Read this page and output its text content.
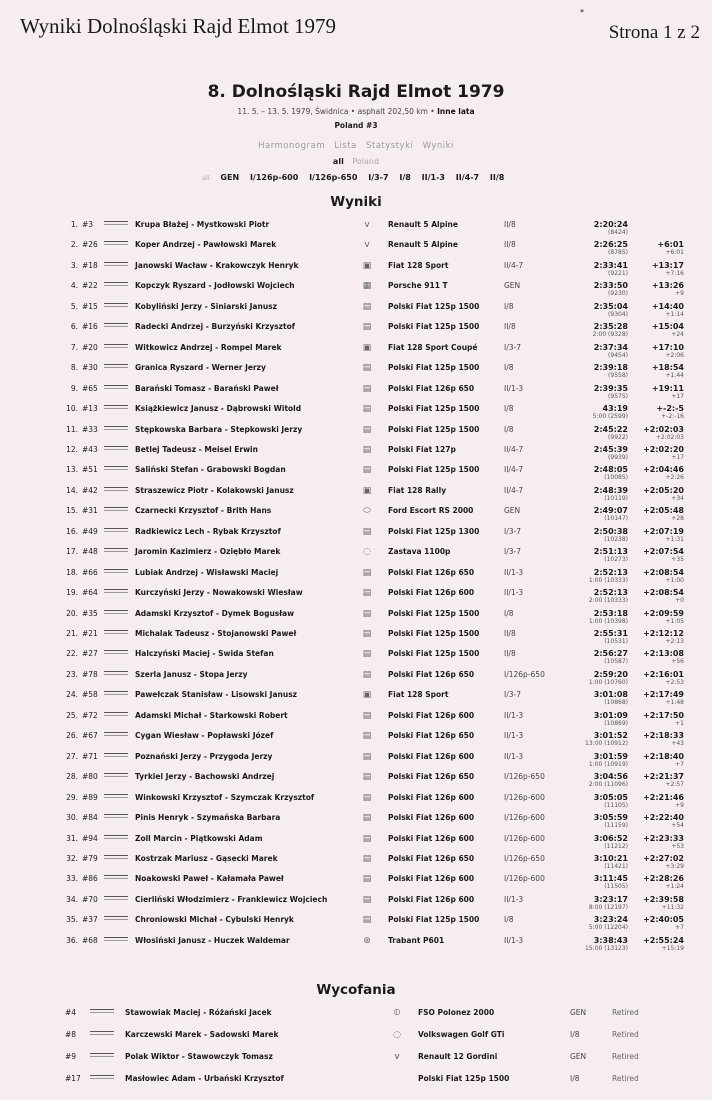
Wyniki Dolnośląski Rajd Elmot 1979
*
Strona 1 z 2
8. Dolnośląski Rajd Elmot 1979
11. 5. – 13. 5. 1979, Świdnica • asphalt 202,50 km • Inne lata
Poland #3
Harmonogram Lista Statystyki Wyniki
all Poland
all GEN I/126p-600 I/126p-650 I/3-7 I/8 II/1-3 II/4-7 II/8
Wyniki
1. #3	Krupa Błażej - Mystkowski Piotr	v	Renault 5 Alpine	II/8	2:20:24
(8424)
2. #26	Koper Andrzej - Pawłowski Marek	v	Renault 5 Alpine	II/8	2:26:25
(8785)
+6:01
+6:01
3. #18	Janowski Wacław - Krakowczyk Henryk	▣	Fiat 128 Sport	II/4-7	2:33:41
(9221)
+13:17
+7:16
4. #22	Kopczyk Ryszard - Jodłowski Wojciech	▦	Porsche 911 T	GEN	2:33:50
(9230)
+13:26
+9
5. #15	Kobyliński Jerzy - Siniarski Janusz	▤	Polski Fiat 125p 1500	I/8	2:35:04
(9304)
+14:40
+1:14
6. #16	Radecki Andrzej - Burzyński Krzysztof	▤	Polski Fiat 125p 1500	II/8	2:35:28
2:00 (9328)
+15:04
+24
7. #20	Witkowicz Andrzej - Rompel Marek	▣	Fiat 128 Sport Coupé	I/3-7	2:37:34
(9454)
+17:10
+2:06
8. #30	Granica Ryszard - Werner Jerzy	▤	Polski Fiat 125p 1500	I/8	2:39:18
(9558)
+18:54
+1:44
9. #65	Barański Tomasz - Barański Paweł	▤	Polski Fiat 126p 650	II/1-3	2:39:35
(9575)
+19:11
+17
10. #13	Książkiewicz Janusz - Dąbrowski Witold	▤	Polski Fiat 125p 1500	I/8	43:19
5:00 (2599)
+-2:-5
+-2:-16
11. #33	Stępkowska Barbara - Stepkowski Jerzy	▤	Polski Fiat 125p 1500	I/8	2:45:22
(9922)
+2:02:03
+2:02:03
12. #43	Betlej Tadeusz - Meisel Erwin	▤	Polski Fiat 127p	II/4-7	2:45:39
(9939)
+2:02:20
+17
13. #51	Saliński Stefan - Grabowski Bogdan	▤	Polski Fiat 125p 1500	II/4-7	2:48:05
(10085)
+2:04:46
+2:26
14. #42	Straszewicz Piotr - Kolakowski Janusz	▣	Fiat 128 Rally	II/4-7	2:48:39
(10119)
+2:05:20
+34
15. #31	Czarnecki Krzysztof - Brith Hans	⬭	Ford Escort RS 2000	GEN	2:49:07
(10147)
+2:05:48
+28
16. #49	Radkiewicz Lech - Rybak Krzysztof	▤	Polski Fiat 125p 1300	I/3-7	2:50:38
(10238)
+2:07:19
+1:31
17. #48	Jaromin Kazimierz - Oziębło Marek	◌	Zastava 1100p	I/3-7	2:51:13
(10273)
+2:07:54
+35
18. #66	Lubiak Andrzej - Wisławski Maciej	▤	Polski Fiat 126p 650	II/1-3	2:52:13
1:00 (10333)
+2:08:54
+1:00
19. #64	Kurczyński Jerzy - Nowakowski Wiesław	▤	Polski Fiat 126p 600	II/1-3	2:52:13
2:00 (10333)
+2:08:54
+0
20. #35	Adamski Krzysztof - Dymek Bogusław	▤	Polski Fiat 125p 1500	I/8	2:53:18
1:00 (10398)
+2:09:59
+1:05
21. #21	Michalak Tadeusz - Stojanowski Paweł	▤	Polski Fiat 125p 1500	II/8	2:55:31
(10531)
+2:12:12
+2:13
22. #27	Halczyński Maciej - Swida Stefan	▤	Polski Fiat 125p 1500	II/8	2:56:27
(10587)
+2:13:08
+56
23. #78	Szerla Janusz - Stopa Jerzy	▤	Polski Fiat 126p 650	I/126p-650	2:59:20
1:00 (10760)
+2:16:01
+2:53
24. #58	Pawełczak Stanisław - Lisowski Janusz	▣	Fiat 128 Sport	I/3-7	3:01:08
(10868)
+2:17:49
+1:48
25. #72	Adamski Michał - Starkowski Robert	▤	Polski Fiat 126p 600	II/1-3	3:01:09
(10869)
+2:17:50
+1
26. #67	Cygan Wiesław - Popławski Józef	▤	Polski Fiat 126p 650	II/1-3	3:01:52
13:00 (10912)
+2:18:33
+43
27. #71	Poznański Jerzy - Przygoda Jerzy	▤	Polski Fiat 126p 600	II/1-3	3:01:59
1:00 (10919)
+2:18:40
+7
28. #80	Tyrkiel Jerzy - Bachowski Andrzej	▤	Polski Fiat 126p 650	I/126p-650	3:04:56
2:00 (11096)
+2:21:37
+2:57
29. #89	Winkowski Krzysztof - Szymczak Krzysztof	▤	Polski Fiat 126p 600	I/126p-600	3:05:05
(11105)
+2:21:46
+9
30. #84	Pinis Henryk - Szymańska Barbara	▤	Polski Fiat 126p 600	I/126p-600	3:05:59
(11159)
+2:22:40
+54
31. #94	Zoll Marcin - Piątkowski Adam	▤	Polski Fiat 126p 600	I/126p-600	3:06:52
(11212)
+2:23:33
+53
32. #79	Kostrzak Mariusz - Gąsecki Marek	▤	Polski Fiat 126p 650	I/126p-650	3:10:21
(11421)
+2:27:02
+3:29
33. #86	Noakowski Paweł - Kałamała Paweł	▤	Polski Fiat 126p 600	I/126p-600	3:11:45
(11505)
+2:28:26
+1:24
34. #70	Cierliński Włodzimierz - Frankiewicz Wojciech	▤	Polski Fiat 126p 600	II/1-3	3:23:17
8:00 (12197)
+2:39:58
+11:32
35. #37	Chroniowski Michał - Cybulski Henryk	▤	Polski Fiat 125p 1500	I/8	3:23:24
5:00 (12204)
+2:40:05
+7
36. #68	Włosiński Janusz - Huczek Waldemar	⊛	Trabant P601	II/1-3	3:38:43
15:00 (13123)
+2:55:24
+15:19
Wycofania
#4	Stawowiak Maciej - Różański Jacek	⦶	FSO Polonez 2000	GEN	Retired
#8	Karczewski Marek - Sadowski Marek	◌	Volkswagen Golf GTi	I/8	Retired
#9	Polak Wiktor - Stawowczyk Tomasz	v	Renault 12 Gordini	GEN	Retired
#17	Masłowiec Adam - Urbański Krzysztof	Polski Fiat 125p 1500	I/8	Retired
